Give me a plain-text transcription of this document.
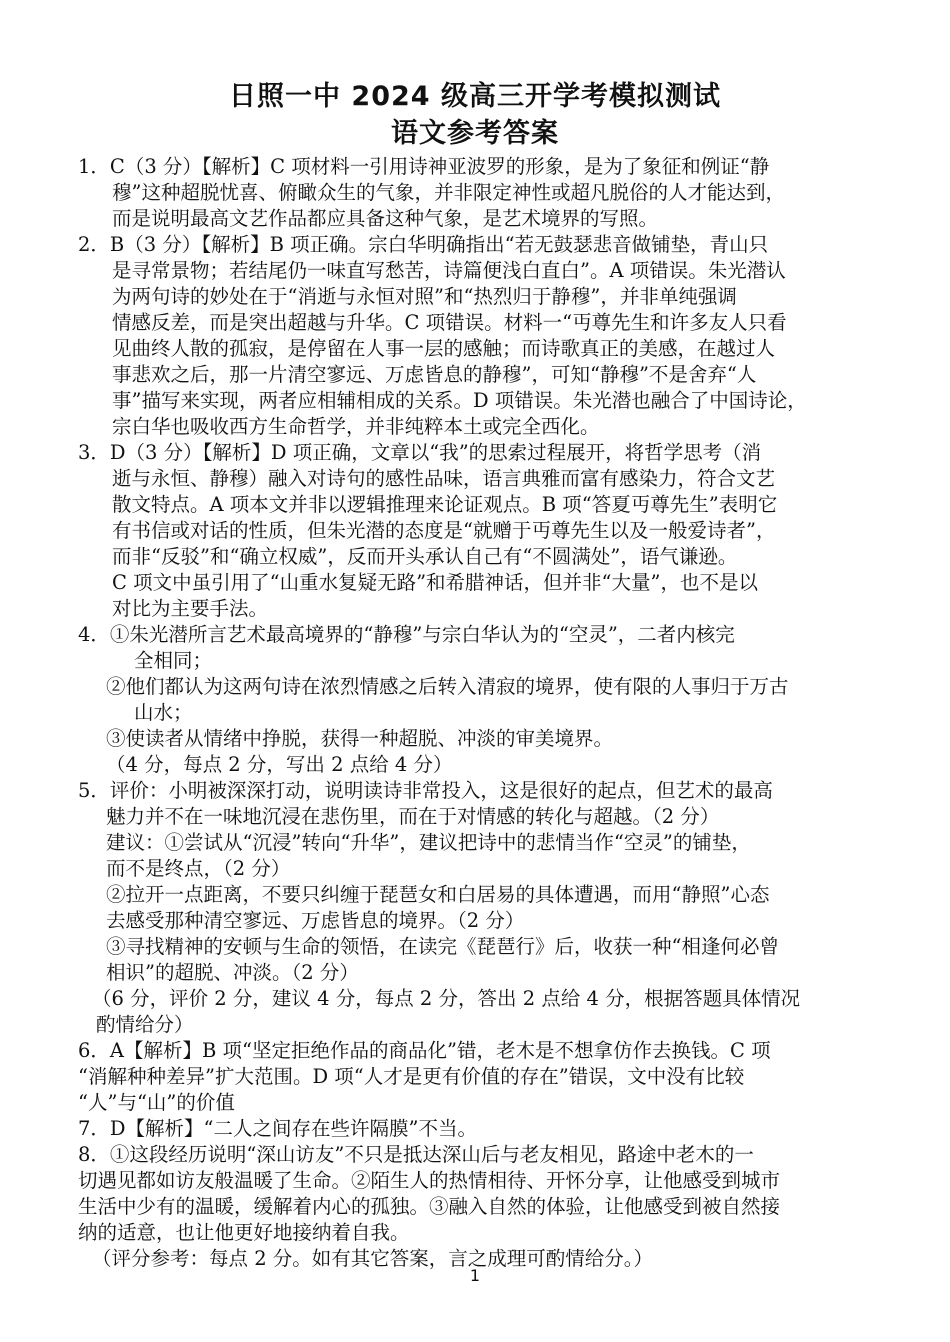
日照一中 2024 级高三开学考模拟测试
语文参考答案
1．C（3 分）【解析】C 项材料一引用诗神亚波罗的形象，是为了象征和例证“静
穆”这种超脱忧喜、俯瞰众生的气象，并非限定神性或超凡脱俗的人才能达到，
而是说明最高文艺作品都应具备这种气象，是艺术境界的写照。
2．B（3 分）【解析】B 项正确。宗白华明确指出“若无鼓瑟悲音做铺垫，青山只
是寻常景物；若结尾仍一味直写愁苦，诗篇便浅白直白”。A 项错误。朱光潜认
为两句诗的妙处在于“消逝与永恒对照”和“热烈归于静穆”，并非单纯强调
情感反差，而是突出超越与升华。C 项错误。材料一“丏尊先生和许多友人只看
见曲终人散的孤寂，是停留在人事一层的感触；而诗歌真正的美感，在越过人
事悲欢之后，那一片清空寥远、万虑皆息的静穆”，可知“静穆”不是舍弃“人
事”描写来实现，两者应相辅相成的关系。D 项错误。朱光潜也融合了中国诗论，
宗白华也吸收西方生命哲学，并非纯粹本土或完全西化。
3．D（3 分）【解析】D 项正确，文章以“我”的思索过程展开，将哲学思考（消
逝与永恒、静穆）融入对诗句的感性品味，语言典雅而富有感染力，符合文艺
散文特点。A 项本文并非以逻辑推理来论证观点。B 项“答夏丏尊先生”表明它
有书信或对话的性质，但朱光潜的态度是“就赠于丏尊先生以及一般爱诗者”，
而非“反驳”和“确立权威”，反而开头承认自己有“不圆满处”，语气谦逊。
C 项文中虽引用了“山重水复疑无路”和希腊神话，但并非“大量”，也不是以
对比为主要手法。
4．①朱光潜所言艺术最高境界的“静穆”与宗白华认为的“空灵”，二者内核完
全相同；
②他们都认为这两句诗在浓烈情感之后转入清寂的境界，使有限的人事归于万古
山水；
③使读者从情绪中挣脱，获得一种超脱、冲淡的审美境界。
（4 分，每点 2 分，写出 2 点给 4 分）
5．评价：小明被深深打动，说明读诗非常投入，这是很好的起点，但艺术的最高
魅力并不在一味地沉浸在悲伤里，而在于对情感的转化与超越。（2 分）
建议：①尝试从“沉浸”转向“升华”，建议把诗中的悲情当作“空灵”的铺垫，
而不是终点，（2 分）
②拉开一点距离，不要只纠缠于琵琶女和白居易的具体遭遇，而用“静照”心态
去感受那种清空寥远、万虑皆息的境界。（2 分）
③寻找精神的安顿与生命的领悟，在读完《琵琶行》后，收获一种“相逢何必曾
相识”的超脱、冲淡。（2 分）
（6 分，评价 2 分，建议 4 分，每点 2 分，答出 2 点给 4 分，根据答题具体情况
酌情给分）
6．A【解析】B 项“坚定拒绝作品的商品化”错，老木是不想拿仿作去换钱。C 项
“消解种种差异”扩大范围。D 项“人才是更有价值的存在”错误，文中没有比较
“人”与“山”的价值
7．D【解析】“二人之间存在些许隔膜”不当。
8．①这段经历说明“深山访友”不只是抵达深山后与老友相见，路途中老木的一
切遇见都如访友般温暖了生命。②陌生人的热情相待、开怀分享，让他感受到城市
生活中少有的温暖，缓解着内心的孤独。③融入自然的体验，让他感受到被自然接
纳的适意，也让他更好地接纳着自我。
（评分参考：每点 2 分。如有其它答案，言之成理可酌情给分。）
1
